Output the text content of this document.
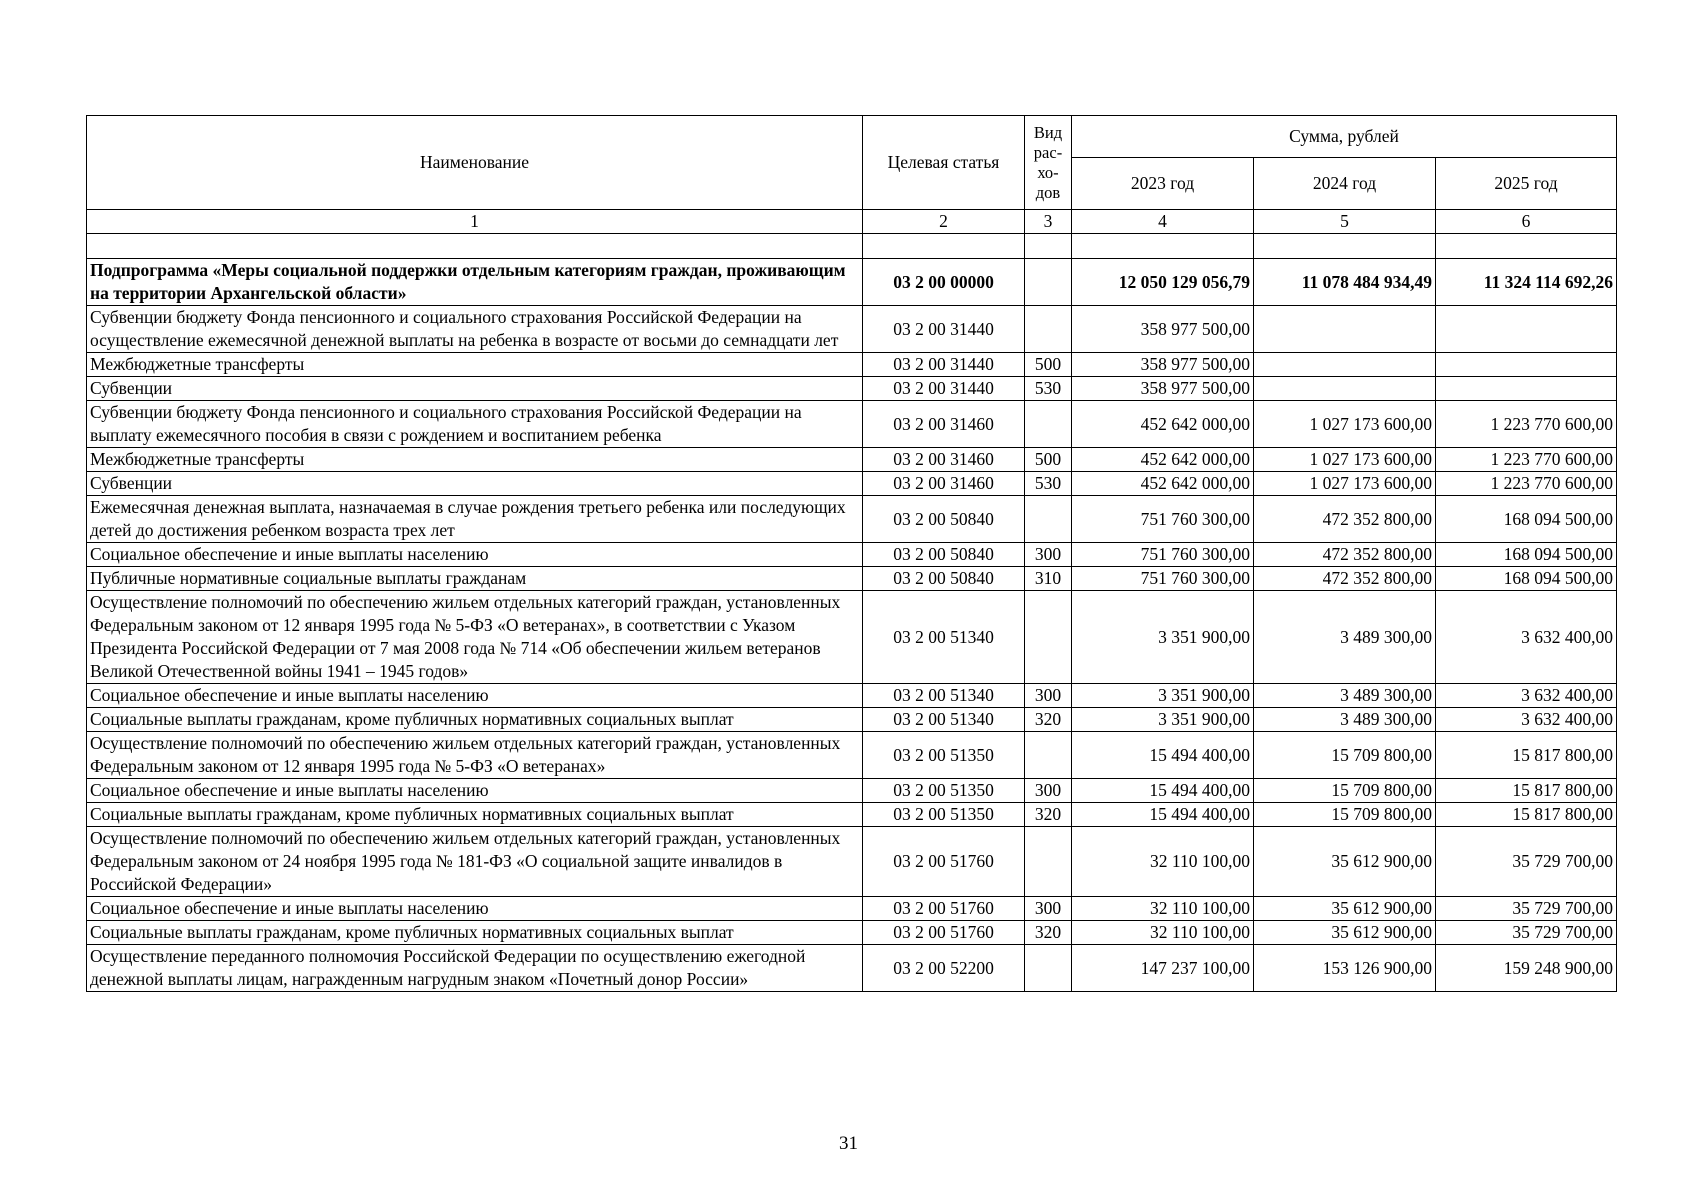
Наименование	Целевая статья	Вид рас-хо-дов	Сумма, рублей		
			2023 год	2024 год	2025 год
1	2	3	4	5	6

Подпрограмма «Меры социальной поддержки отдельным категориям граждан, проживающим на территории Архангельской области»	03 2 00 00000		12 050 129 056,79	11 078 484 934,49	11 324 114 692,26
Субвенции бюджету Фонда пенсионного и социального страхования Российской Федерации на осуществление ежемесячной денежной выплаты на ребенка в возрасте от восьми до семнадцати лет	03 2 00 31440		358 977 500,00		
Межбюджетные трансферты	03 2 00 31440	500	358 977 500,00		
Субвенции	03 2 00 31440	530	358 977 500,00		
Субвенции бюджету Фонда пенсионного и социального страхования Российской Федерации на выплату ежемесячного пособия в связи с рождением и воспитанием ребенка	03 2 00 31460		452 642 000,00	1 027 173 600,00	1 223 770 600,00
Межбюджетные трансферты	03 2 00 31460	500	452 642 000,00	1 027 173 600,00	1 223 770 600,00
Субвенции	03 2 00 31460	530	452 642 000,00	1 027 173 600,00	1 223 770 600,00
Ежемесячная денежная выплата, назначаемая в случае рождения третьего ребенка или последующих детей до достижения ребенком возраста трех лет	03 2 00 50840		751 760 300,00	472 352 800,00	168 094 500,00
Социальное обеспечение и иные выплаты населению	03 2 00 50840	300	751 760 300,00	472 352 800,00	168 094 500,00
Публичные нормативные социальные выплаты гражданам	03 2 00 50840	310	751 760 300,00	472 352 800,00	168 094 500,00
Осуществление полномочий по обеспечению жильем отдельных категорий граждан, установленных Федеральным законом от 12 января 1995 года № 5-ФЗ «О ветеранах», в соответствии с Указом Президента Российской Федерации от 7 мая 2008 года № 714 «Об обеспечении жильем ветеранов Великой Отечественной войны 1941 – 1945 годов»	03 2 00 51340		3 351 900,00	3 489 300,00	3 632 400,00
Социальное обеспечение и иные выплаты населению	03 2 00 51340	300	3 351 900,00	3 489 300,00	3 632 400,00
Социальные выплаты гражданам, кроме публичных нормативных социальных выплат	03 2 00 51340	320	3 351 900,00	3 489 300,00	3 632 400,00
Осуществление полномочий по обеспечению жильем отдельных категорий граждан, установленных Федеральным законом от 12 января 1995 года № 5-ФЗ «О ветеранах»	03 2 00 51350		15 494 400,00	15 709 800,00	15 817 800,00
Социальное обеспечение и иные выплаты населению	03 2 00 51350	300	15 494 400,00	15 709 800,00	15 817 800,00
Социальные выплаты гражданам, кроме публичных нормативных социальных выплат	03 2 00 51350	320	15 494 400,00	15 709 800,00	15 817 800,00
Осуществление полномочий по обеспечению жильем отдельных категорий граждан, установленных Федеральным законом от 24 ноября 1995 года № 181-ФЗ «О социальной защите инвалидов в Российской Федерации»	03 2 00 51760		32 110 100,00	35 612 900,00	35 729 700,00
Социальное обеспечение и иные выплаты населению	03 2 00 51760	300	32 110 100,00	35 612 900,00	35 729 700,00
Социальные выплаты гражданам, кроме публичных нормативных социальных выплат	03 2 00 51760	320	32 110 100,00	35 612 900,00	35 729 700,00
Осуществление переданного полномочия Российской Федерации по осуществлению ежегодной денежной выплаты лицам, награжденным нагрудным знаком «Почетный донор России»	03 2 00 52200		147 237 100,00	153 126 900,00	159 248 900,00
31
